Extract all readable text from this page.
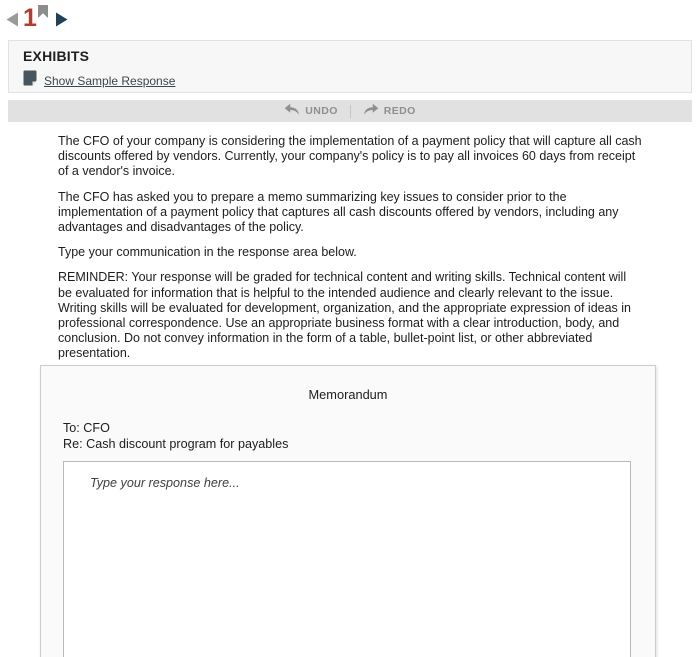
1
EXHIBITS
Show Sample Response
UNDO	REDO

The CFO of your company is considering the implementation of a payment policy that will capture all cash discounts offered by vendors. Currently, your company's policy is to pay all invoices 60 days from receipt of a vendor's invoice.

The CFO has asked you to prepare a memo summarizing key issues to consider prior to the implementation of a payment policy that captures all cash discounts offered by vendors, including any advantages and disadvantages of the policy.

Type your communication in the response area below.

REMINDER: Your response will be graded for technical content and writing skills. Technical content will be evaluated for information that is helpful to the intended audience and clearly relevant to the issue. Writing skills will be evaluated for development, organization, and the appropriate expression of ideas in professional correspondence. Use an appropriate business format with a clear introduction, body, and conclusion. Do not convey information in the form of a table, bullet-point list, or other abbreviated presentation.

Memorandum
To: CFO
Re: Cash discount program for payables
Type your response here...
